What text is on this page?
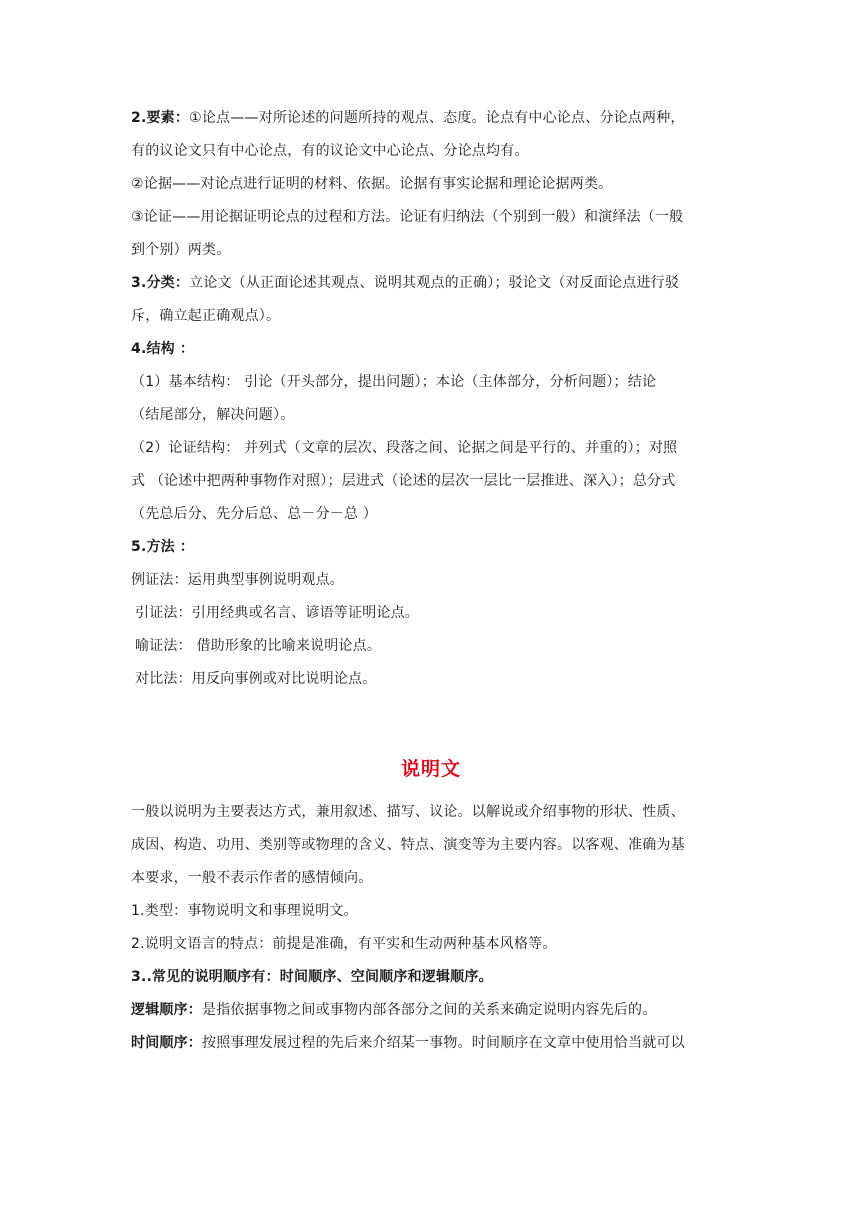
2.要素：①论点——对所论述的问题所持的观点、态度。论点有中心论点、分论点两种，
有的议论文只有中心论点，有的议论文中心论点、分论点均有。
②论据——对论点进行证明的材料、依据。论据有事实论据和理论论据两类。
③论证——用论据证明论点的过程和方法。论证有归纳法（个别到一般）和演绎法（一般
到个别）两类。
3.分类：立论文（从正面论述其观点、说明其观点的正确）；驳论文（对反面论点进行驳
斥，确立起正确观点）。
4.结构 ：
（1）基本结构： 引论（开头部分，提出问题）；本论（主体部分，分析问题）；结论
（结尾部分，解决问题）。
（2）论证结构： 并列式（文章的层次、段落之间、论据之间是平行的、并重的）；对照
式 （论述中把两种事物作对照）；层进式（论述的层次一层比一层推进、深入）；总分式
（先总后分、先分后总、总－分－总 ）
5.方法 ：
例证法：运用典型事例说明观点。
引证法：引用经典或名言、谚语等证明论点。
喻证法： 借助形象的比喻来说明论点。
对比法：用反向事例或对比说明论点。
说明文
一般以说明为主要表达方式，兼用叙述、描写、议论。以解说或介绍事物的形状、性质、
成因、构造、功用、类别等或物理的含义、特点、演变等为主要内容。以客观、准确为基
本要求，一般不表示作者的感情倾向。
1.类型：事物说明文和事理说明文。
2.说明文语言的特点：前提是准确，有平实和生动两种基本风格等。
3..常见的说明顺序有：时间顺序、空间顺序和逻辑顺序。
逻辑顺序：是指依据事物之间或事物内部各部分之间的关系来确定说明内容先后的。
时间顺序：按照事理发展过程的先后来介绍某一事物。时间顺序在文章中使用恰当就可以
